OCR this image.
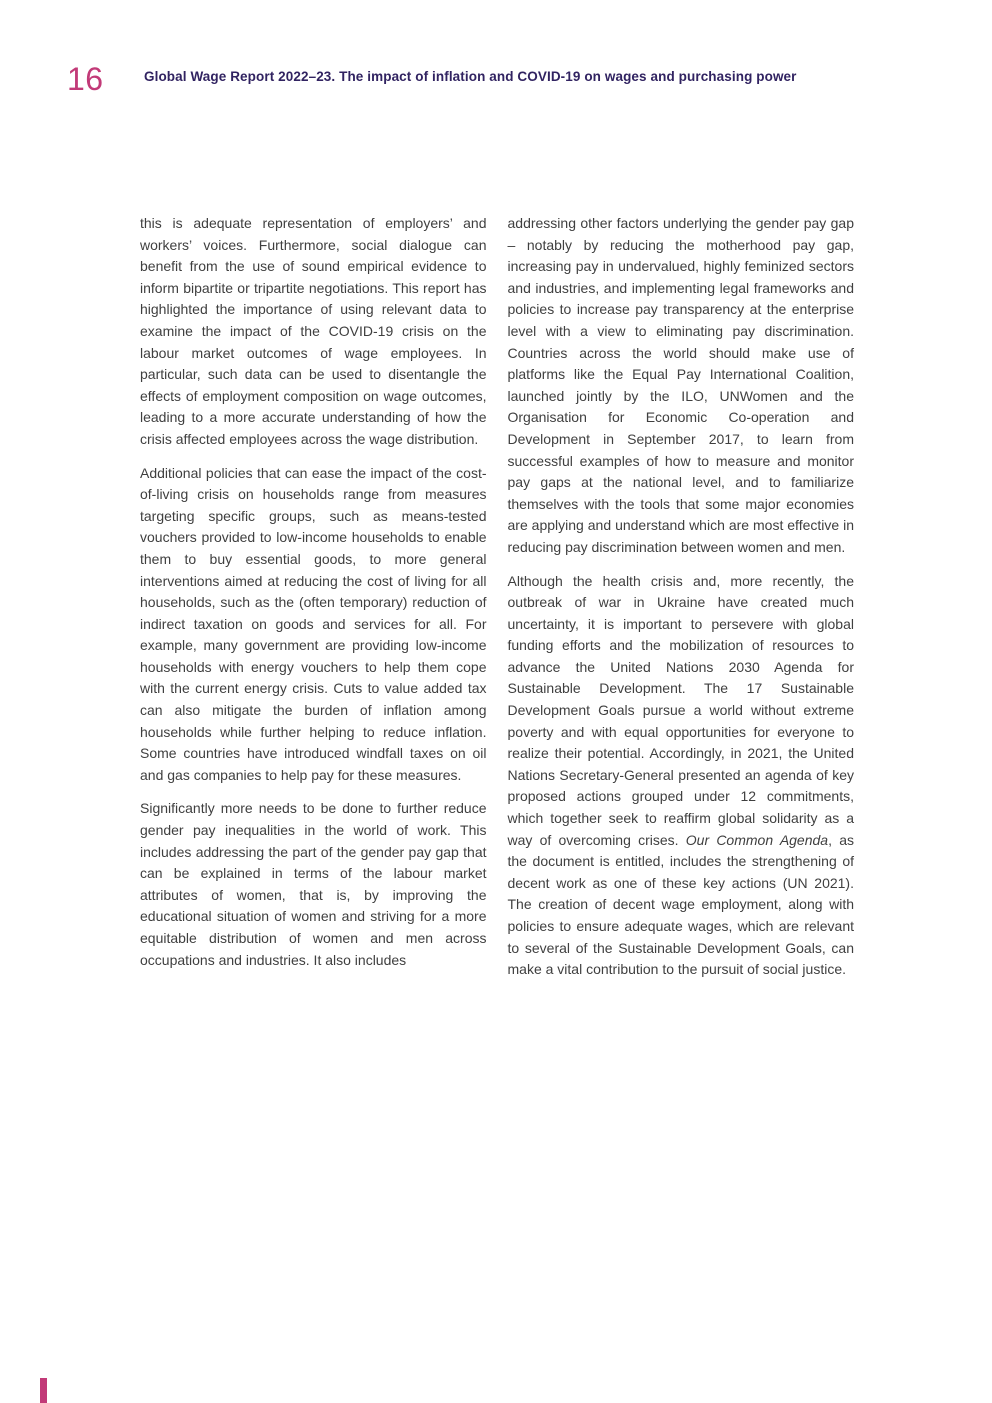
16	Global Wage Report 2022–23. The impact of inflation and COVID-19 on wages and purchasing power

this is adequate representation of employers’ and workers’ voices. Furthermore, social dialogue can benefit from the use of sound empirical evidence to inform bipartite or tripartite negotiations. This report has highlighted the importance of using relevant data to examine the impact of the COVID-19 crisis on the labour market outcomes of wage employees. In particular, such data can be used to disentangle the effects of employment composition on wage outcomes, leading to a more accurate understanding of how the crisis affected employees across the wage distribution.

Additional policies that can ease the impact of the cost-of-living crisis on households range from measures targeting specific groups, such as means-tested vouchers provided to low-income households to enable them to buy essential goods, to more general interventions aimed at reducing the cost of living for all households, such as the (often temporary) reduction of indirect taxation on goods and services for all. For example, many government are providing low-income households with energy vouchers to help them cope with the current energy crisis. Cuts to value added tax can also mitigate the burden of inflation among households while further helping to reduce inflation. Some countries have introduced windfall taxes on oil and gas companies to help pay for these measures.

Significantly more needs to be done to further reduce gender pay inequalities in the world of work. This includes addressing the part of the gender pay gap that can be explained in terms of the labour market attributes of women, that is, by improving the educational situation of women and striving for a more equitable distribution of women and men across occupations and industries. It also includes

addressing other factors underlying the gender pay gap – notably by reducing the motherhood pay gap, increasing pay in undervalued, highly feminized sectors and industries, and implementing legal frameworks and policies to increase pay transparency at the enterprise level with a view to eliminating pay discrimination. Countries across the world should make use of platforms like the Equal Pay International Coalition, launched jointly by the ILO, UNWomen and the Organisation for Economic Co-operation and Development in September 2017, to learn from successful examples of how to measure and monitor pay gaps at the national level, and to familiarize themselves with the tools that some major economies are applying and understand which are most effective in reducing pay discrimination between women and men.

Although the health crisis and, more recently, the outbreak of war in Ukraine have created much uncertainty, it is important to persevere with global funding efforts and the mobilization of resources to advance the United Nations 2030 Agenda for Sustainable Development. The 17 Sustainable Development Goals pursue a world without extreme poverty and with equal opportunities for everyone to realize their potential. Accordingly, in 2021, the United Nations Secretary-General presented an agenda of key proposed actions grouped under 12 commitments, which together seek to reaffirm global solidarity as a way of overcoming crises. Our Common Agenda, as the document is entitled, includes the strengthening of decent work as one of these key actions (UN 2021). The creation of decent wage employment, along with policies to ensure adequate wages, which are relevant to several of the Sustainable Development Goals, can make a vital contribution to the pursuit of social justice.
